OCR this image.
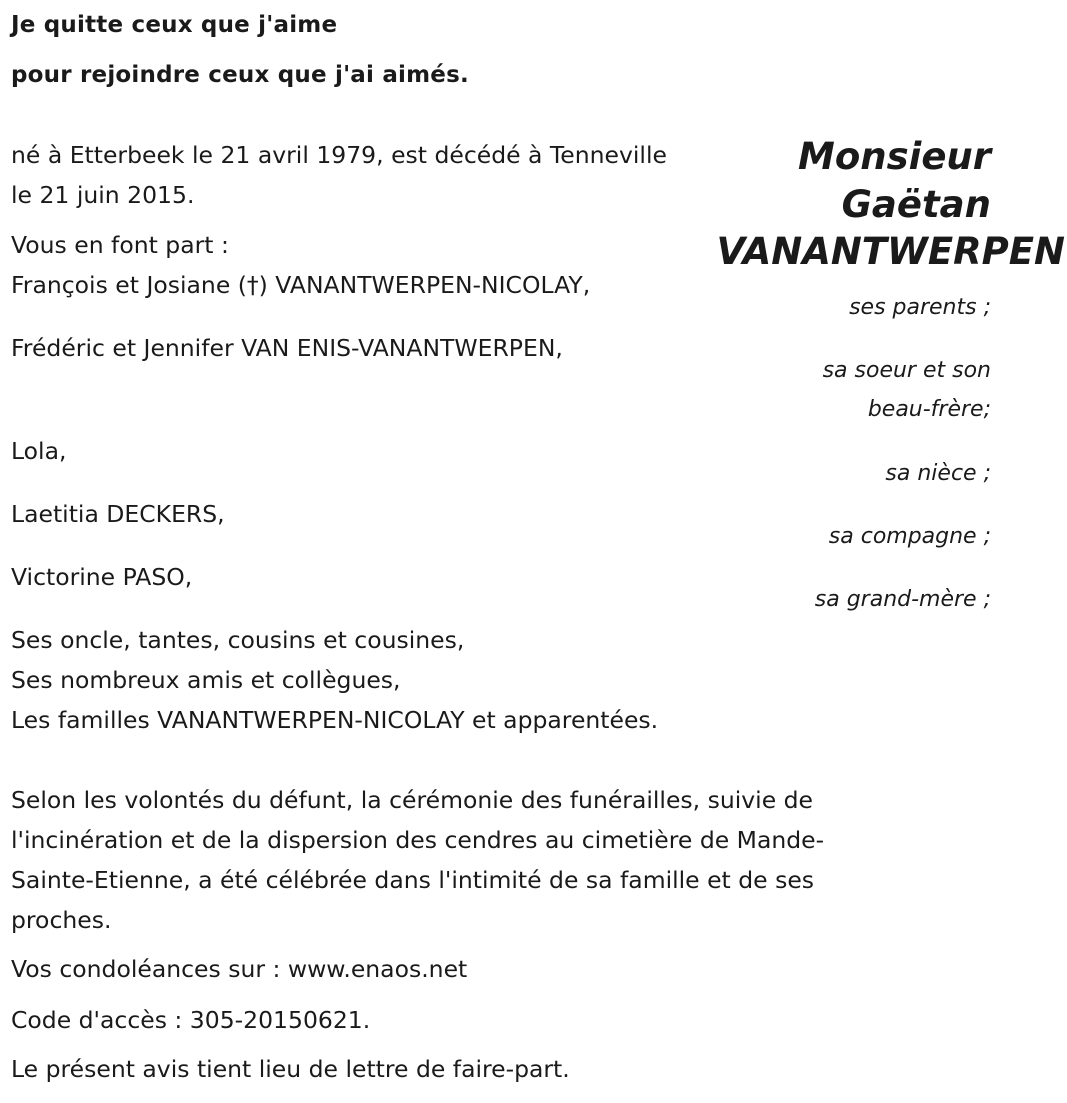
Je quitte ceux que j'aime
pour rejoindre ceux que j'ai aimés.
Monsieur
Gaëtan
VANANTWERPEN
né à Etterbeek le 21 avril 1979, est décédé à Tenneville
le 21 juin 2015.
Vous en font part :
François et Josiane (†) VANANTWERPEN-NICOLAY,
Frédéric et Jennifer VAN ENIS-VANANTWERPEN,
Lola,
Laetitia DECKERS,
Victorine PASO,
ses parents ;
sa soeur et son
beau-frère;
sa nièce ;
sa compagne ;
sa grand-mère ;
Ses oncle, tantes, cousins et cousines,
Ses nombreux amis et collègues,
Les familles VANANTWERPEN-NICOLAY et apparentées.
Selon les volontés du défunt, la cérémonie des funérailles, suivie de
l'incinération et de la dispersion des cendres au cimetière de Mande-
Sainte-Etienne, a été célébrée dans l'intimité de sa famille et de ses
proches.
Vos condoléances sur : www.enaos.net
Code d'accès : 305-20150621.
Le présent avis tient lieu de lettre de faire-part.
